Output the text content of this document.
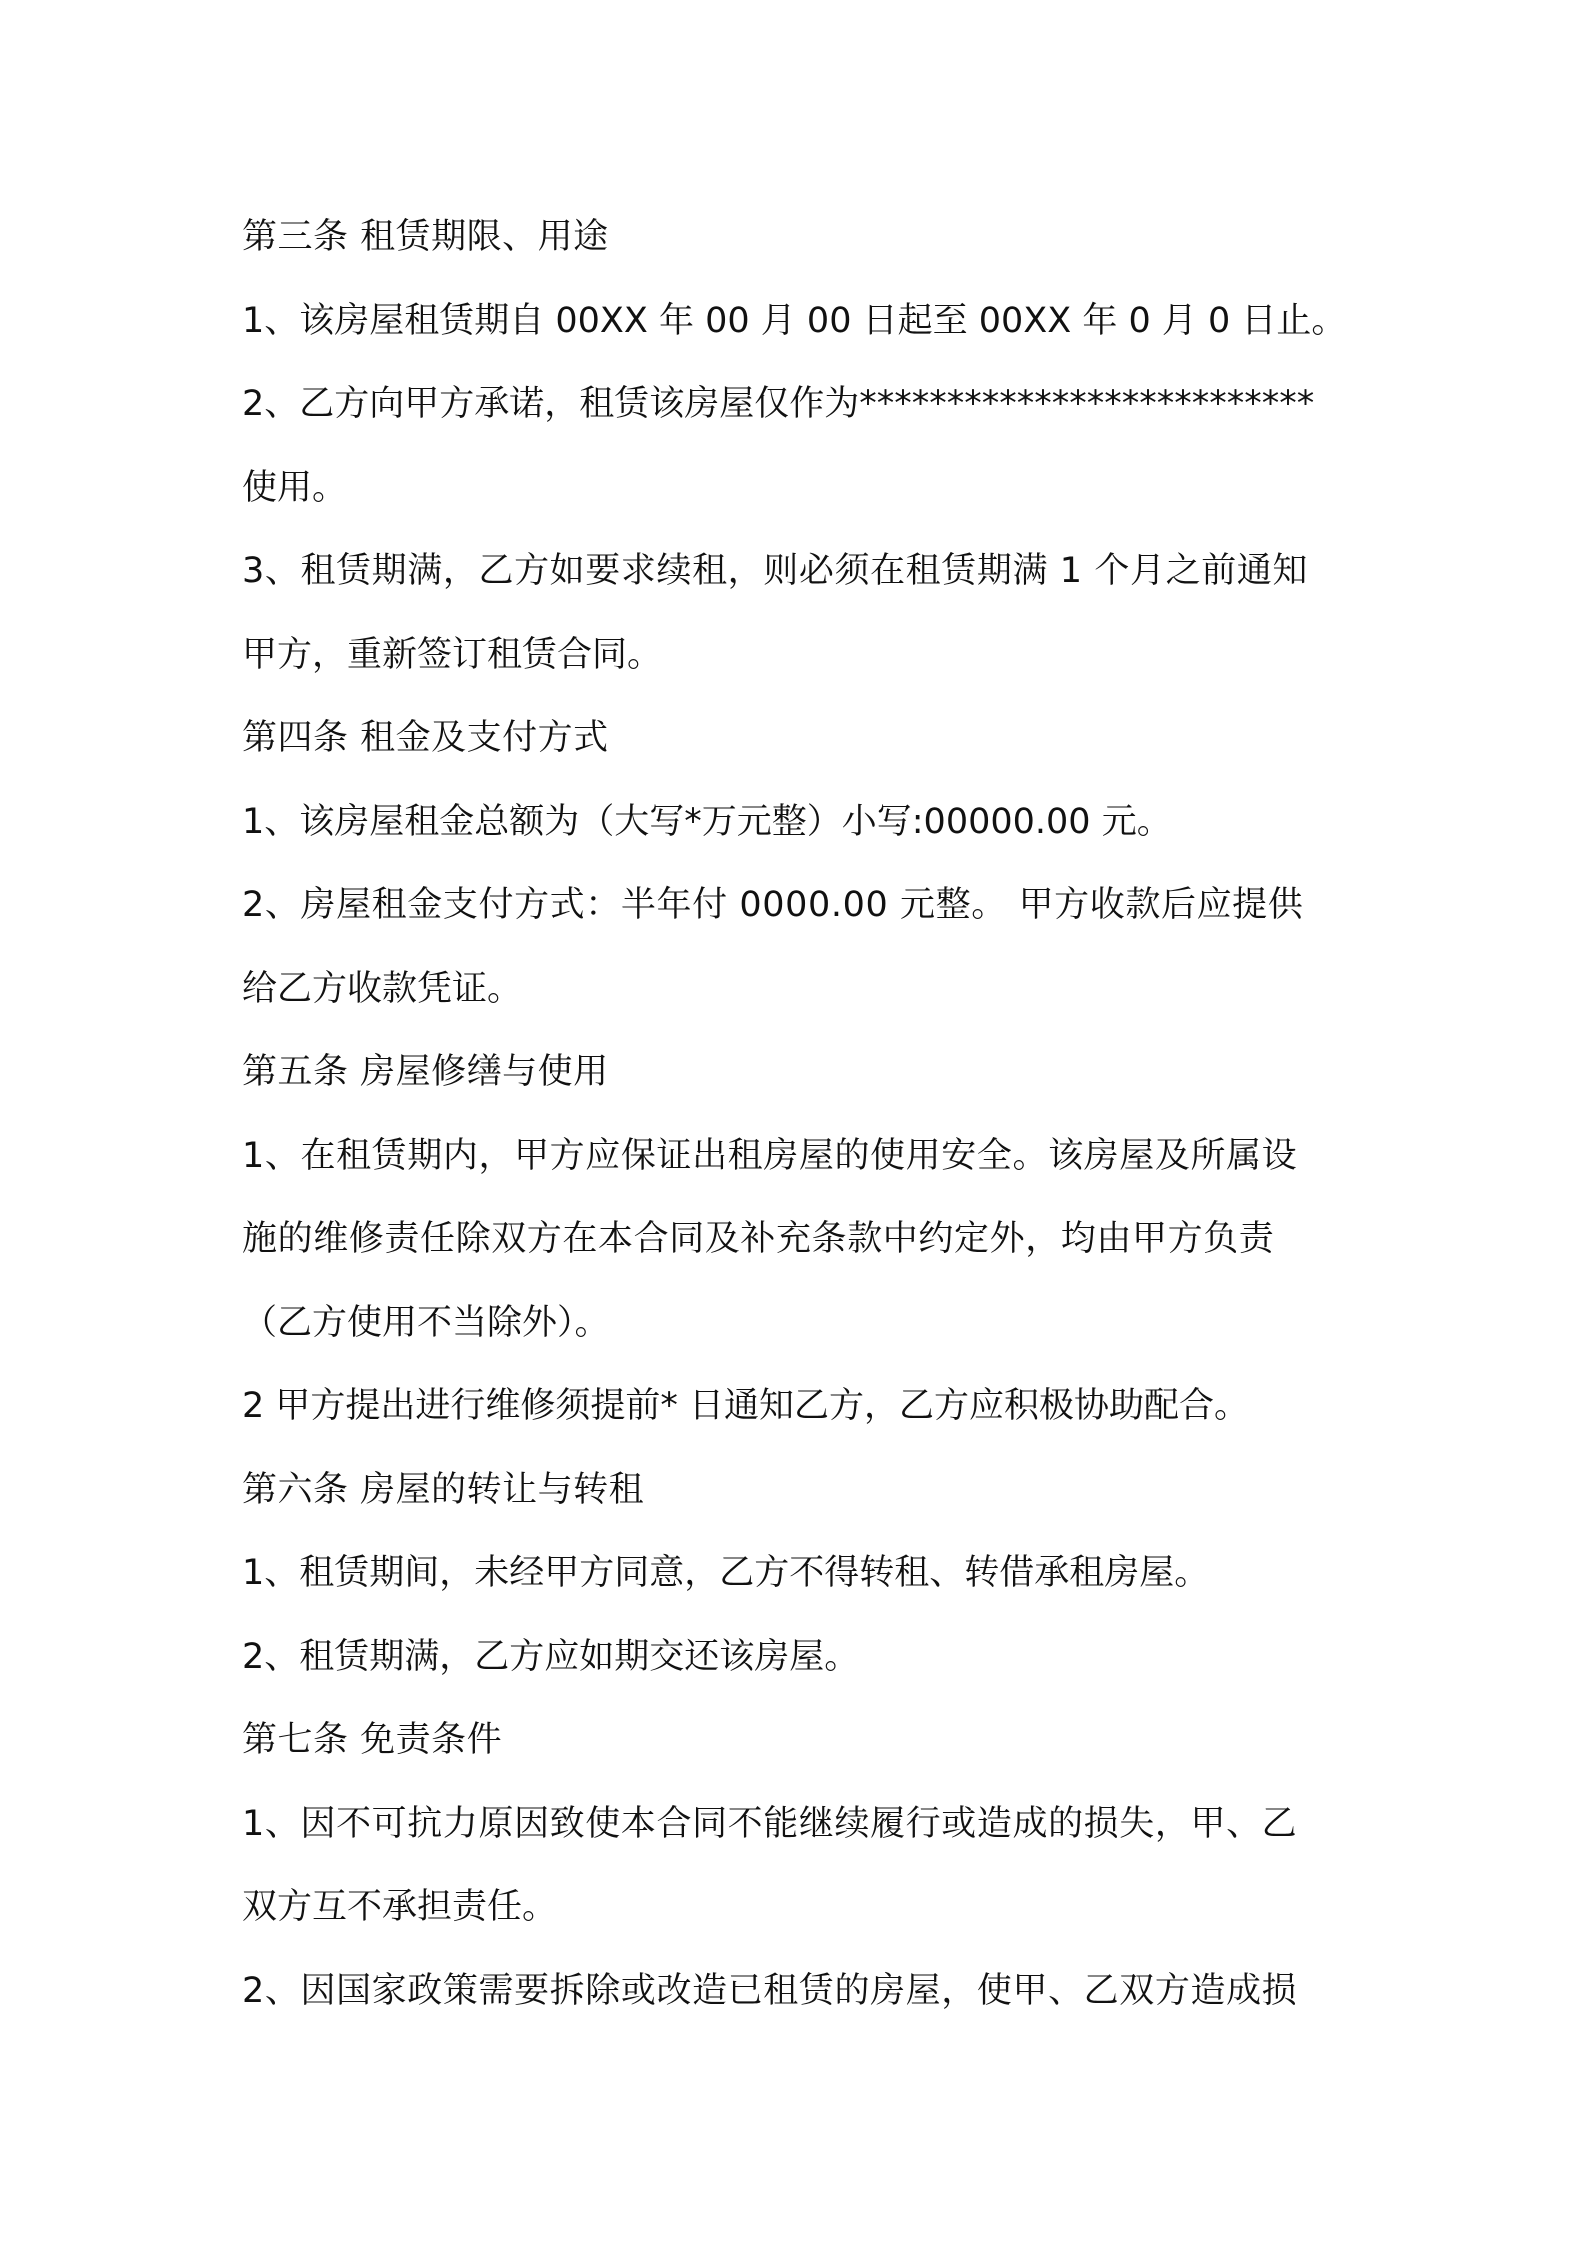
第三条 租赁期限、用途
1、该房屋租赁期自 00XX 年 00 月 00 日起至 00XX 年 0 月 0 日止。
2、乙方向甲方承诺，租赁该房屋仅作为**************************
使用。
3、租赁期满，乙方如要求续租，则必须在租赁期满 1 个月之前通知
甲方，重新签订租赁合同。
第四条 租金及支付方式
1、该房屋租金总额为（大写*万元整）小写:00000.00 元。
2、房屋租金支付方式：半年付 0000.00 元整。 甲方收款后应提供
给乙方收款凭证。
第五条 房屋修缮与使用
1、在租赁期内，甲方应保证出租房屋的使用安全。该房屋及所属设
施的维修责任除双方在本合同及补充条款中约定外，均由甲方负责
（乙方使用不当除外）。
2 甲方提出进行维修须提前* 日通知乙方，乙方应积极协助配合。
第六条 房屋的转让与转租
1、租赁期间，未经甲方同意，乙方不得转租、转借承租房屋。
2、租赁期满，乙方应如期交还该房屋。
第七条 免责条件
1、因不可抗力原因致使本合同不能继续履行或造成的损失，甲、乙
双方互不承担责任。
2、因国家政策需要拆除或改造已租赁的房屋，使甲、乙双方造成损
